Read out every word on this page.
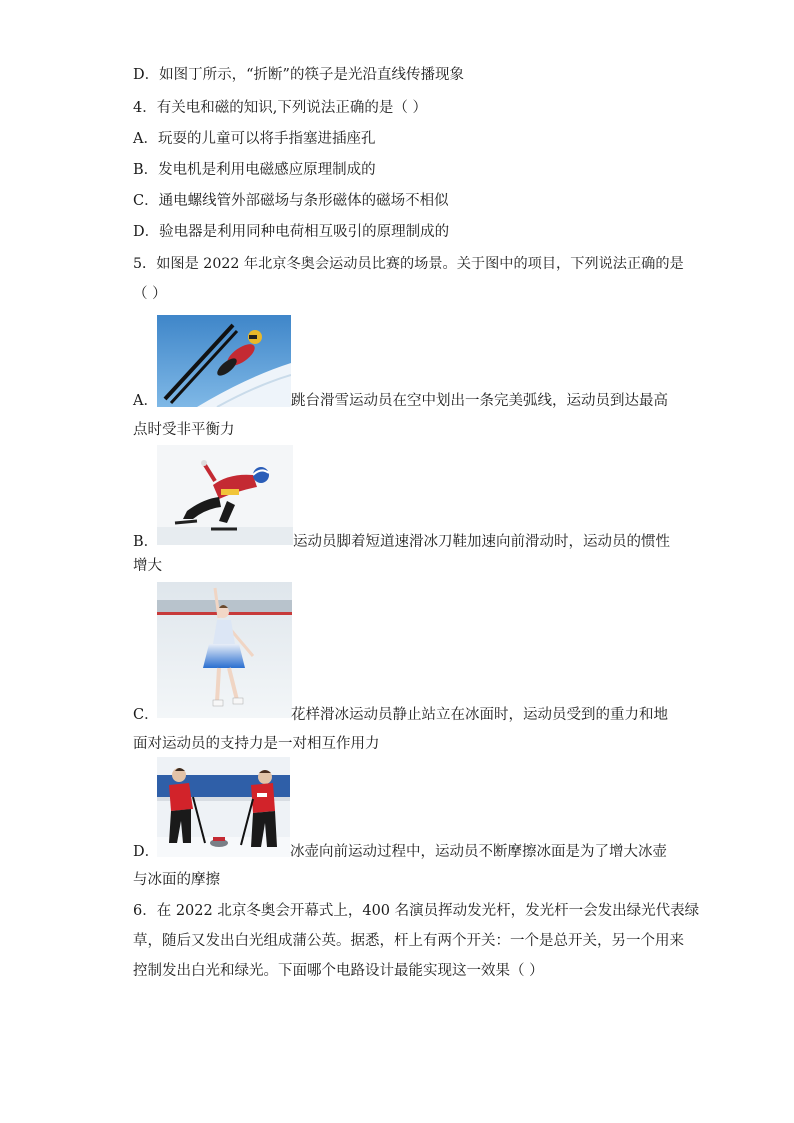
D．如图丁所示，“折断”的筷子是光沿直线传播现象
4．有关电和磁的知识,下列说法正确的是（ ）
A．玩耍的儿童可以将手指塞进插座孔
B．发电机是利用电磁感应原理制成的
C．通电螺线管外部磁场与条形磁体的磁场不相似
D．验电器是利用同种电荷相互吸引的原理制成的
5．如图是 2022 年北京冬奥会运动员比赛的场景。关于图中的项目，下列说法正确的是
（ ）
A．	跳台滑雪运动员在空中划出一条完美弧线，运动员到达最高
点时受非平衡力
B．	运动员脚着短道速滑冰刀鞋加速向前滑动时，运动员的惯性
增大
C．	花样滑冰运动员静止站立在冰面时，运动员受到的重力和地
面对运动员的支持力是一对相互作用力
D．	冰壶向前运动过程中，运动员不断摩擦冰面是为了增大冰壶
与冰面的摩擦
6．在 2022 北京冬奥会开幕式上，400 名演员挥动发光杆，发光杆一会发出绿光代表绿
草，随后又发出白光组成蒲公英。据悉，杆上有两个开关：一个是总开关，另一个用来
控制发出白光和绿光。下面哪个电路设计最能实现这一效果（ ）
